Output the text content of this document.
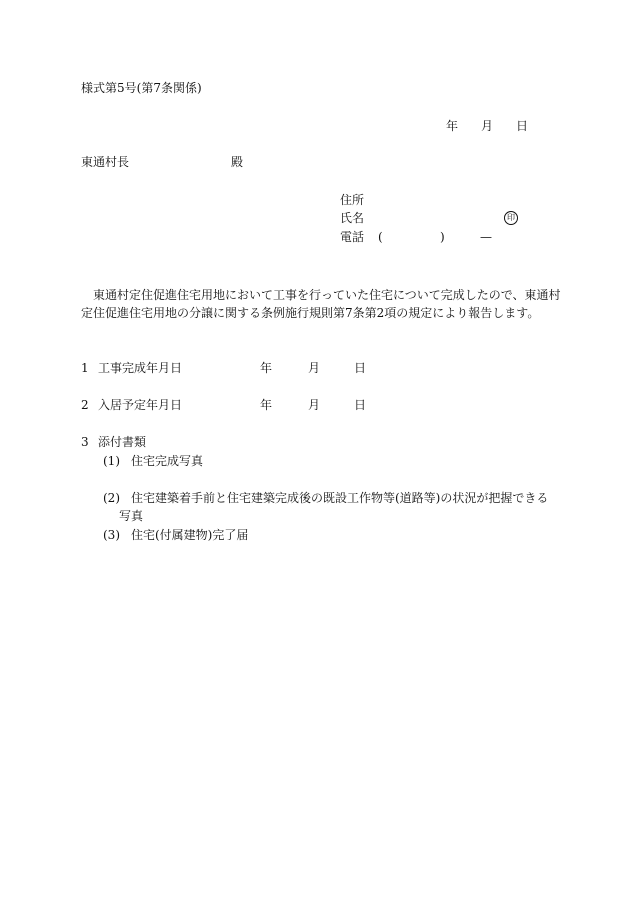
様式第5号(第7条関係)
年 月 日
東通村長	殿
住所
氏名	印
電話 (	)	—
東通村定住促進住宅用地において工事を行っていた住宅について完成したので、東通村
定住促進住宅用地の分譲に関する条例施行規則第7条第2項の規定により報告します。
1 工事完成年月日	年	月	日
2 入居予定年月日	年	月	日
3 添付書類
(1) 住宅完成写真
(2) 住宅建築着手前と住宅建築完成後の既設工作物等(道路等)の状況が把握できる
写真
(3) 住宅(付属建物)完了届
